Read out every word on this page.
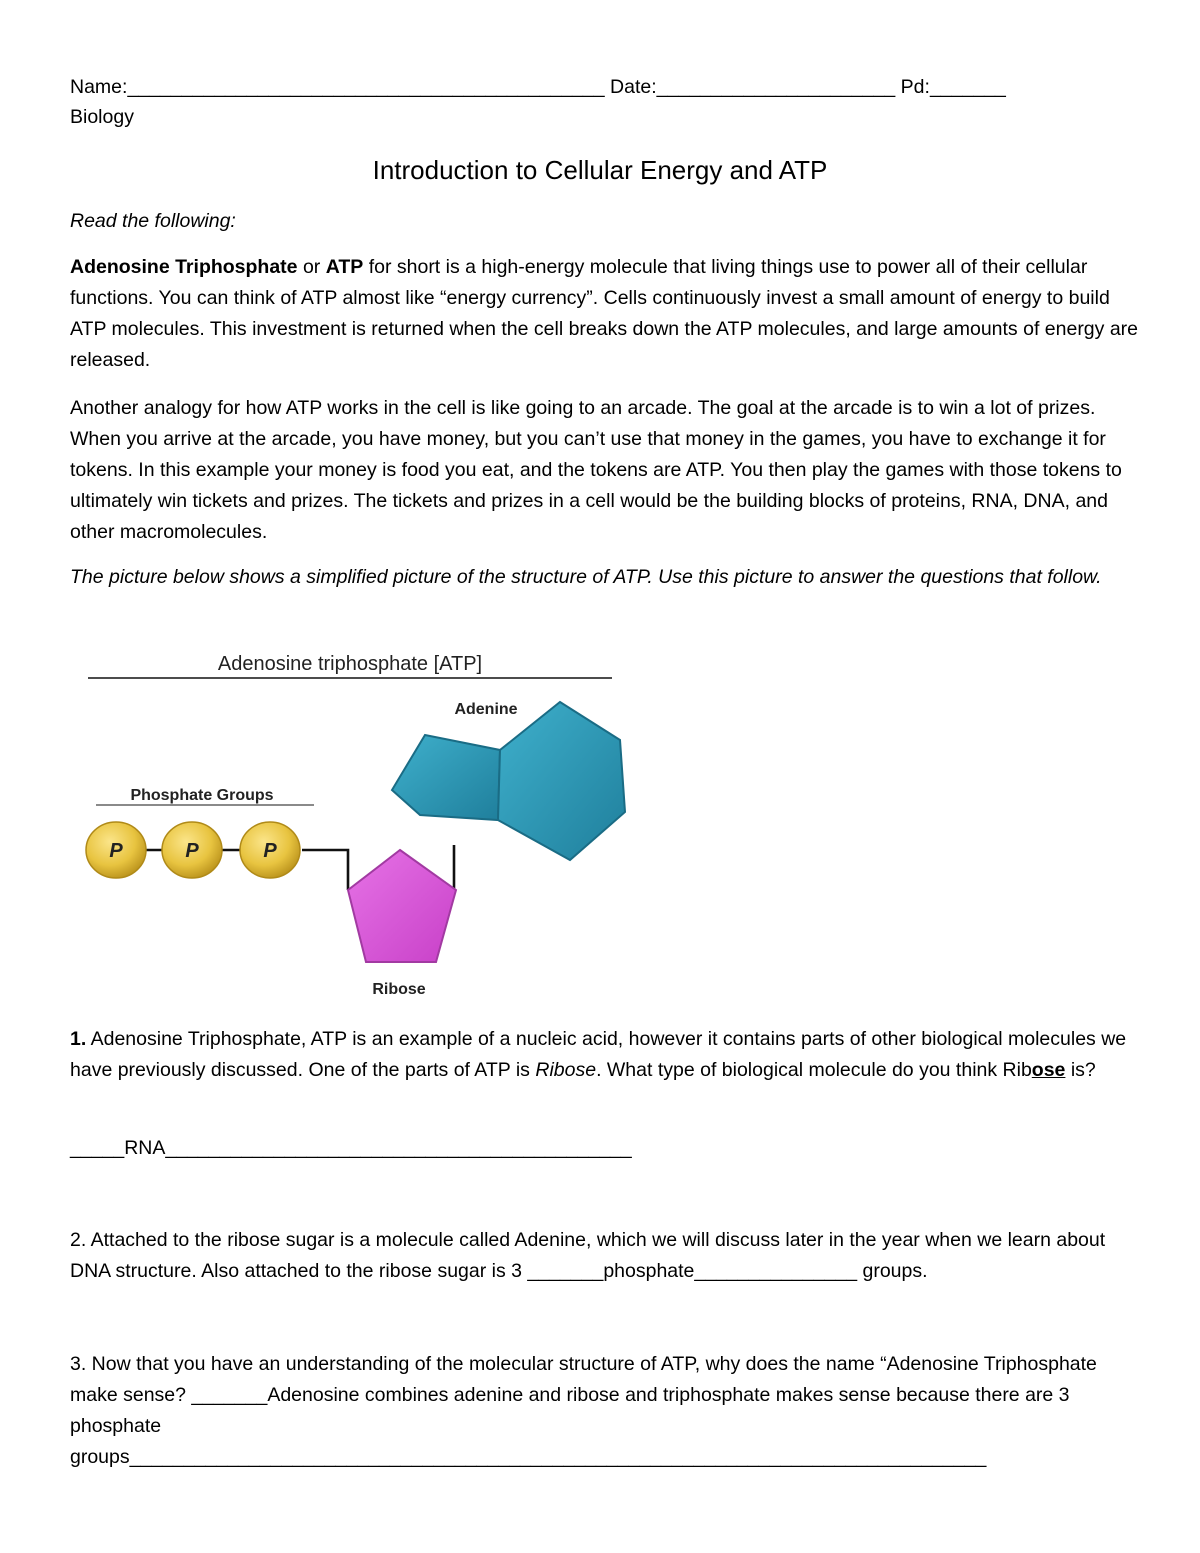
Name:____________________________________________ Date:______________________ Pd:_______
Biology
Introduction to Cellular Energy and ATP
Read the following:

Adenosine Triphosphate or ATP for short is a high-energy molecule that living things use to power all of their cellular functions. You can think of ATP almost like “energy currency”. Cells continuously invest a small amount of energy to build ATP molecules. This investment is returned when the cell breaks down the ATP molecules, and large amounts of energy are released.

Another analogy for how ATP works in the cell is like going to an arcade. The goal at the arcade is to win a lot of prizes. When you arrive at the arcade, you have money, but you can’t use that money in the games, you have to exchange it for tokens. In this example your money is food you eat, and the tokens are ATP. You then play the games with those tokens to ultimately win tickets and prizes. The tickets and prizes in a cell would be the building blocks of proteins, RNA, DNA, and other macromolecules.
The picture below shows a simplified picture of the structure of ATP. Use this picture to answer the questions that follow.
Adenosine triphosphate [ATP]
Adenine
Ribose
Phosphate Groups
P	P	P

1. Adenosine Triphosphate, ATP is an example of a nucleic acid, however it contains parts of other biological molecules we have previously discussed. One of the parts of ATP is Ribose. What type of biological molecule do you think Ribose is?

_____RNA___________________________________________
2. Attached to the ribose sugar is a molecule called Adenine, which we will discuss later in the year when we learn about DNA structure. Also attached to the ribose sugar is 3 _______phosphate_______________ groups.

3. Now that you have an understanding of the molecular structure of ATP, why does the name “Adenosine Triphosphate make sense? _______Adenosine combines adenine and ribose and triphosphate makes sense because there are 3 phosphate

groups_______________________________________________________________________________
